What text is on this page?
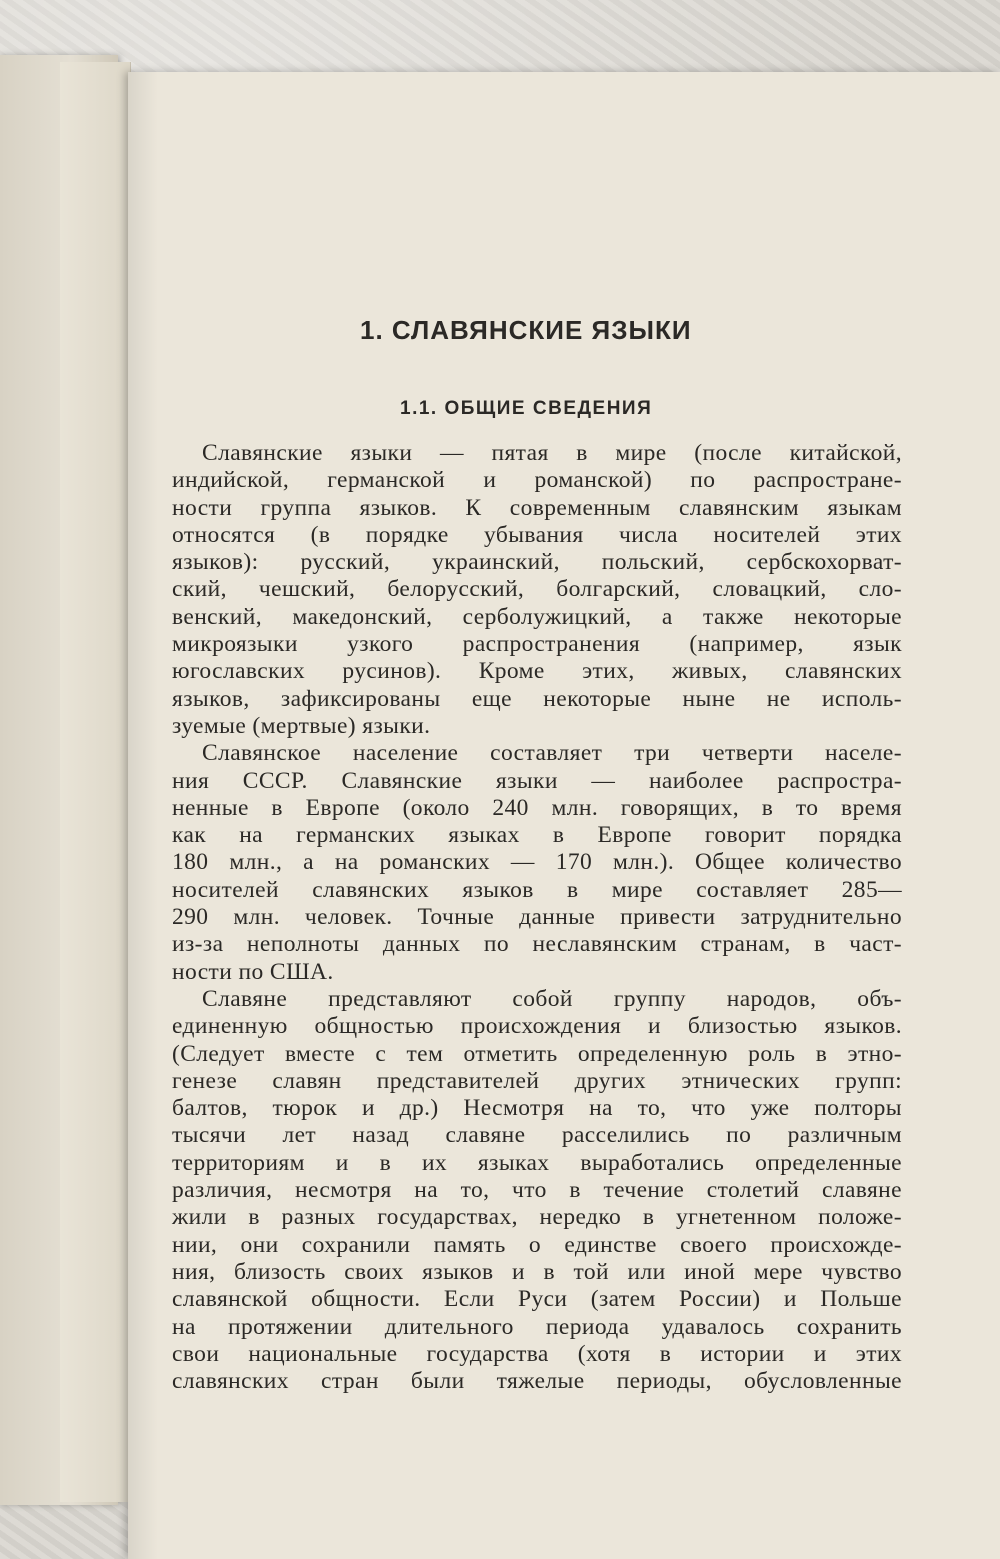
1. СЛАВЯНСКИЕ ЯЗЫКИ
1.1. ОБЩИЕ СВЕДЕНИЯ

Славянские языки — пятая в мире (после китайской,
индийской, германской и романской) по распростране-
ности группа языков. К современным славянским языкам
относятся (в порядке убывания числа носителей этих
языков): русский, украинский, польский, сербскохорват-
ский, чешский, белорусский, болгарский, словацкий, сло-
венский, македонский, серболужицкий, а также некоторые
микроязыки узкого распространения (например, язык
югославских русинов). Кроме этих, живых, славянских
языков, зафиксированы еще некоторые ныне не исполь-
зуемые (мертвые) языки.

Славянское население составляет три четверти населе-
ния СССР. Славянские языки — наиболее распростра-
ненные в Европе (около 240 млн. говорящих, в то время
как на германских языках в Европе говорит порядка
180 млн., а на романских — 170 млн.). Общее количество
носителей славянских языков в мире составляет 285—
290 млн. человек. Точные данные привести затруднительно
из-за неполноты данных по неславянским странам, в част-
ности по США.

Славяне представляют собой группу народов, объ-
единенную общностью происхождения и близостью языков.
(Следует вместе с тем отметить определенную роль в этно-
генезе славян представителей других этнических групп:
балтов, тюрок и др.) Несмотря на то, что уже полторы
тысячи лет назад славяне расселились по различным
территориям и в их языках выработались определенные
различия, несмотря на то, что в течение столетий славяне
жили в разных государствах, нередко в угнетенном положе-
нии, они сохранили память о единстве своего происхожде-
ния, близость своих языков и в той или иной мере чувство
славянской общности. Если Руси (затем России) и Польше
на протяжении длительного периода удавалось сохранить
свои национальные государства (хотя в истории и этих
славянских стран были тяжелые периоды, обусловленные
